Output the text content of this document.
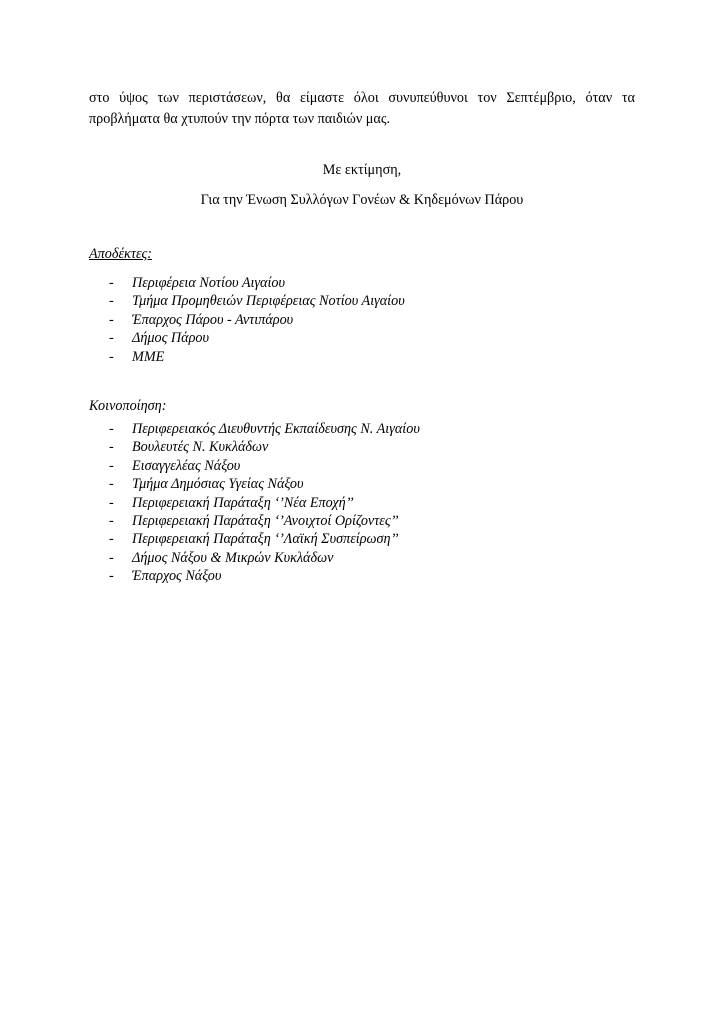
στο ύψος των περιστάσεων, θα είμαστε όλοι συνυπεύθυνοι τον Σεπτέμβριο, όταν τα
προβλήματα θα χτυπούν την πόρτα των παιδιών μας.
Με εκτίμηση,
Για την Ένωση Συλλόγων Γονέων & Κηδεμόνων Πάρου
Αποδέκτες:
- Περιφέρεια Νοτίου Αιγαίου
- Τμήμα Προμηθειών Περιφέρειας Νοτίου Αιγαίου
- Έπαρχος Πάρου - Αντιπάρου
- Δήμος Πάρου
- ΜΜΕ
Κοινοποίηση:
- Περιφερειακός Διευθυντής Εκπαίδευσης Ν. Αιγαίου
- Βουλευτές Ν. Κυκλάδων
- Εισαγγελέας Νάξου
- Τμήμα Δημόσιας Υγείας Νάξου
- Περιφερειακή Παράταξη ‘’Νέα Εποχή’’
- Περιφερειακή Παράταξη ‘’Ανοιχτοί Ορίζοντες’’
- Περιφερειακή Παράταξη ‘’Λαϊκή Συσπείρωση’’
- Δήμος Νάξου & Μικρών Κυκλάδων
- Έπαρχος Νάξου
